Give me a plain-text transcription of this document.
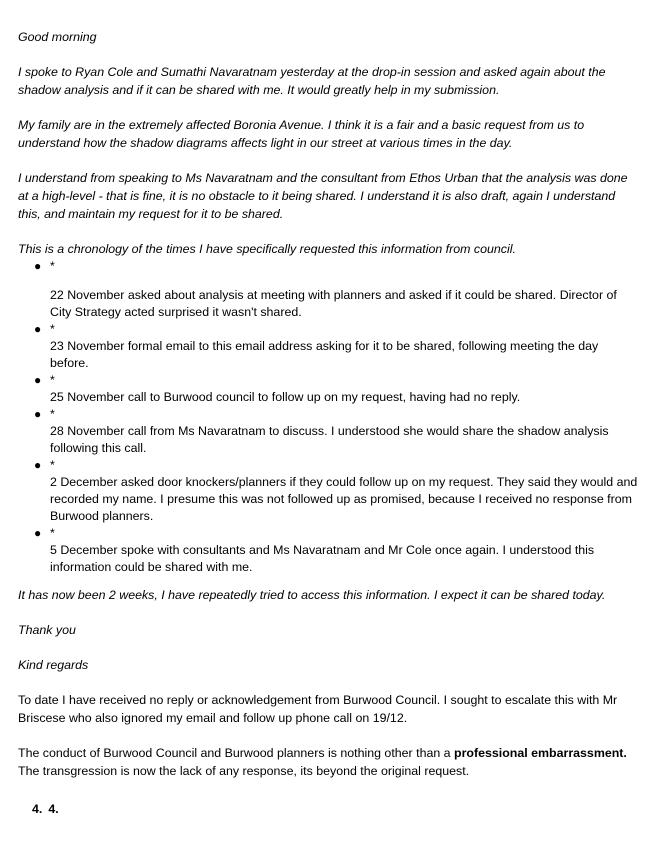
Good morning

I spoke to Ryan Cole and Sumathi Navaratnam yesterday at the drop-in session and asked again about the shadow analysis and if it can be shared with me. It would greatly help in my submission.

My family are in the extremely affected Boronia Avenue. I think it is a fair and a basic request from us to understand how the shadow diagrams affects light in our street at various times in the day.

I understand from speaking to Ms Navaratnam and the consultant from Ethos Urban that the analysis was done at a high-level - that is fine, it is no obstacle to it being shared. I understand it is also draft, again I understand this, and maintain my request for it to be shared.

This is a chronology of the times I have specifically requested this information from council.

● *
22 November asked about analysis at meeting with planners and asked if it could be shared. Director of City Strategy acted surprised it wasn't shared.
● *
23 November formal email to this email address asking for it to be shared, following meeting the day before.
● *
25 November call to Burwood council to follow up on my request, having had no reply.
● *
28 November call from Ms Navaratnam to discuss. I understood she would share the shadow analysis following this call.
● *
2 December asked door knockers/planners if they could follow up on my request. They said they would and recorded my name. I presume this was not followed up as promised, because I received no response from Burwood planners.
● *
5 December spoke with consultants and Ms Navaratnam and Mr Cole once again. I understood this information could be shared with me.

It has now been 2 weeks, I have repeatedly tried to access this information. I expect it can be shared today.

Thank you

Kind regards

To date I have received no reply or acknowledgement from Burwood Council. I sought to escalate this with Mr Briscese who also ignored my email and follow up phone call on 19/12.

The conduct of Burwood Council and Burwood planners is nothing other than a professional embarrassment. The transgression is now the lack of any response, its beyond the original request.

4. 4.
